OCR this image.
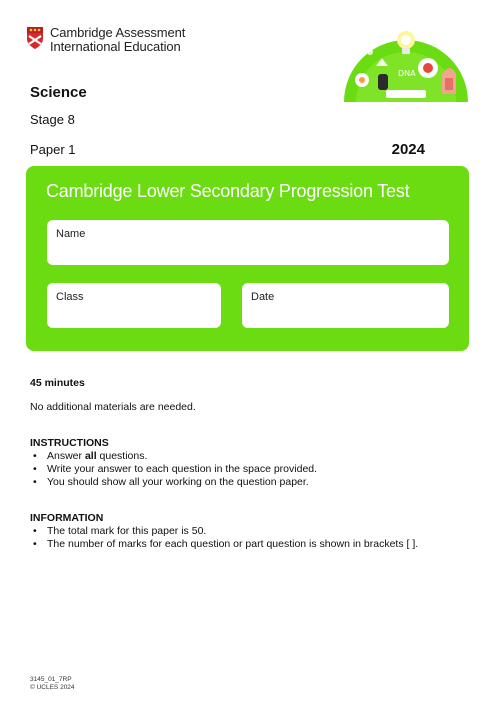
Cambridge Assessment
International Education
DNA
Science
Stage 8
Paper 1	2024
Cambridge Lower Secondary Progression Test
Name
Class	Date
45 minutes
No additional materials are needed.
INSTRUCTIONS
• Answer all questions.
• Write your answer to each question in the space provided.
• You should show all your working on the question paper.
INFORMATION
• The total mark for this paper is 50.
• The number of marks for each question or part question is shown in brackets [ ].
3145_01_7RP
© UCLES 2024
